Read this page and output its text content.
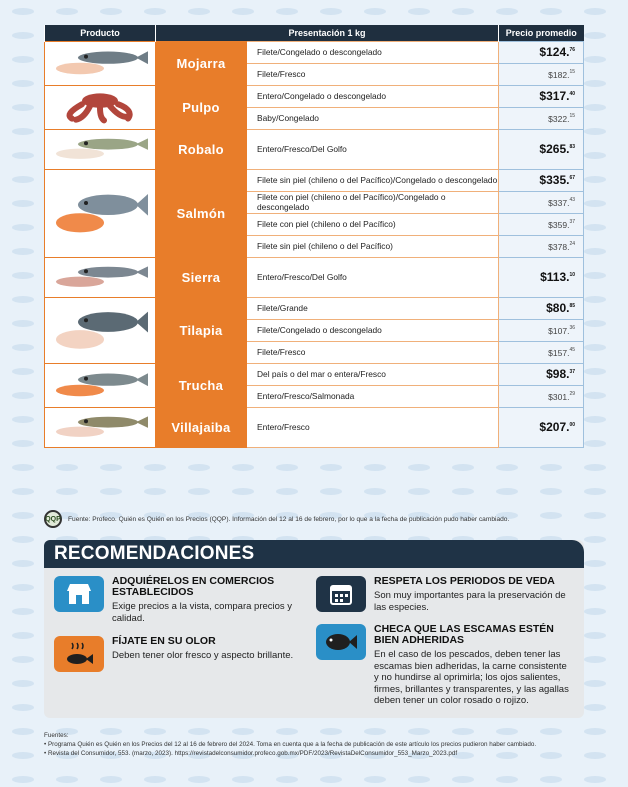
Producto	Presentación 1 kg		Precio promedio
	Mojarra	Filete/Congelado o descongelado	$124.76
		Filete/Fresco	$182.15
	Pulpo	Entero/Congelado o descongelado	$317.40
		Baby/Congelado	$322.15
	Robalo	Entero/Fresco/Del Golfo	$265.83
	Salmón	Filete sin piel (chileno o del Pacífico)/Congelado o descongelado	$335.67
		Filete con piel (chileno o del Pacífico)/Congelado o descongelado	$337.43
		Filete con piel (chileno o del Pacífico)	$359.37
		Filete sin piel (chileno o del Pacífico)	$378.24
	Sierra	Entero/Fresco/Del Golfo	$113.10
	Tilapia	Filete/Grande	$80.85
		Filete/Congelado o descongelado	$107.36
		Filete/Fresco	$157.45
	Trucha	Del país o del mar o entera/Fresco	$98.37
		Entero/Fresco/Salmonada	$301.29
	Villajaiba	Entero/Fresco	$207.00
QQP Fuente: Profeco. Quién es Quién en los Precios (QQP). Información del 12 al 16 de febrero, por lo que a la fecha de publicación pudo haber cambiado.
RECOMENDACIONES
ADQUIÉRELOS EN COMERCIOS ESTABLECIDOS
Exige precios a la vista, compara precios y calidad.
FÍJATE EN SU OLOR
Deben tener olor fresco y aspecto brillante.
RESPETA LOS PERIODOS DE VEDA
Son muy importantes para la preservación de las especies.
CHECA QUE LAS ESCAMAS ESTÉN BIEN ADHERIDAS
En el caso de los pescados, deben tener las escamas bien adheridas, la carne consistente y no hundirse al oprimirla; los ojos salientes, firmes, brillantes y transparentes, y las agallas deben tener un color rosado o rojizo.
Fuentes:
• Programa Quién es Quién en los Precios del 12 al 16 de febrero del 2024. Toma en cuenta que a la fecha de publicación de este artículo los precios pudieron haber cambiado.
• Revista del Consumidor, 553. (marzo, 2023). https://revistadelconsumidor.profeco.gob.mx/PDF/2023/RevistaDelConsumidor_553_Marzo_2023.pdf
